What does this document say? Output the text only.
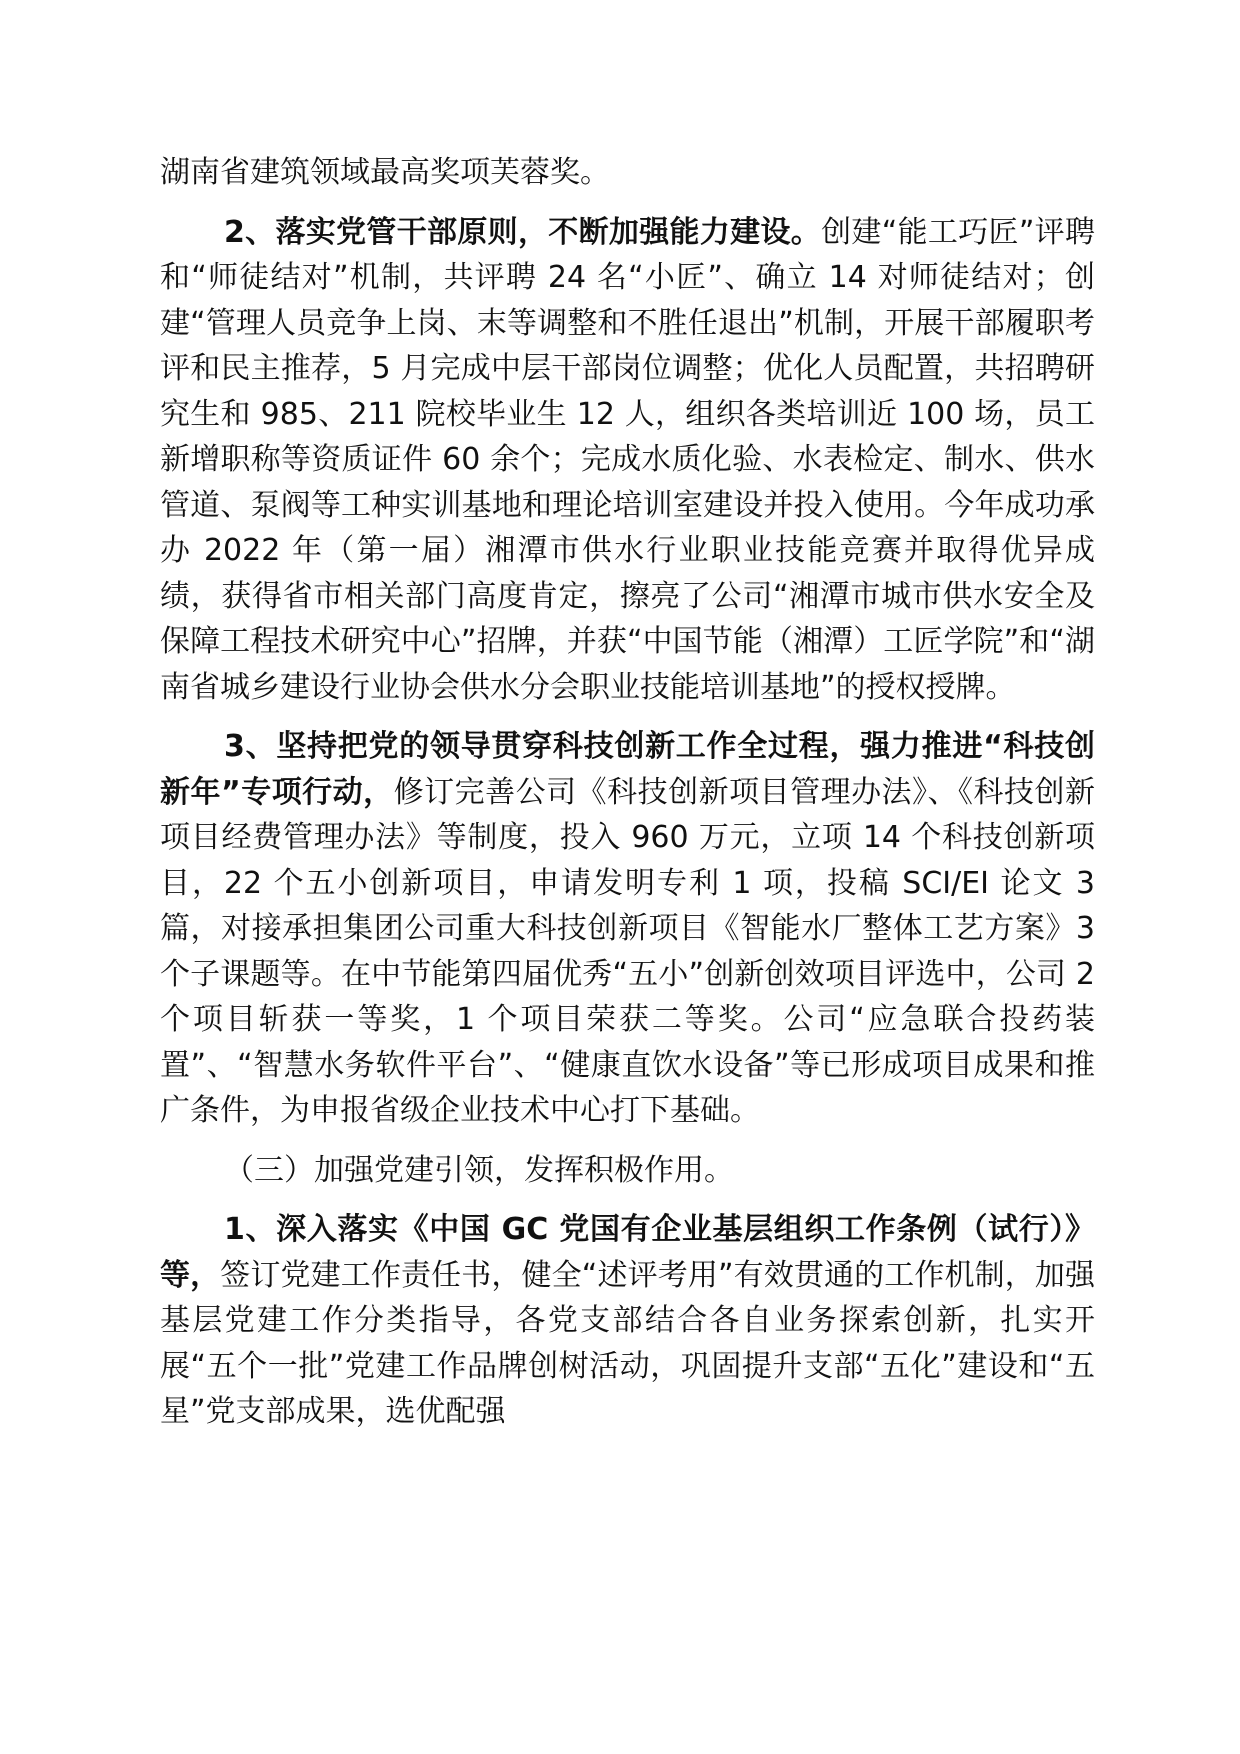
湖南省建筑领域最高奖项芙蓉奖。

2、落实党管干部原则，不断加强能力建设。创建“能工巧匠”评聘和“师徒结对”机制，共评聘 24 名“小匠”、确立 14 对师徒结对；创建“管理人员竞争上岗、末等调整和不胜任退出”机制，开展干部履职考评和民主推荐，5 月完成中层干部岗位调整；优化人员配置，共招聘研究生和 985、211 院校毕业生 12 人，组织各类培训近 100 场，员工新增职称等资质证件 60 余个；完成水质化验、水表检定、制水、供水管道、泵阀等工种实训基地和理论培训室建设并投入使用。今年成功承办 2022 年（第一届）湘潭市供水行业职业技能竞赛并取得优异成绩，获得省市相关部门高度肯定，擦亮了公司“湘潭市城市供水安全及保障工程技术研究中心”招牌，并获“中国节能（湘潭）工匠学院”和“湖南省城乡建设行业协会供水分会职业技能培训基地”的授权授牌。

3、坚持把党的领导贯穿科技创新工作全过程，强力推进“科技创新年”专项行动，修订完善公司《科技创新项目管理办法》、《科技创新项目经费管理办法》等制度，投入 960 万元，立项 14 个科技创新项目，22 个五小创新项目，申请发明专利 1 项，投稿 SCI/EI 论文 3 篇，对接承担集团公司重大科技创新项目《智能水厂整体工艺方案》3 个子课题等。在中节能第四届优秀“五小”创新创效项目评选中，公司 2 个项目斩获一等奖，1 个项目荣获二等奖。公司“应急联合投药装置”、“智慧水务软件平台”、“健康直饮水设备”等已形成项目成果和推广条件，为申报省级企业技术中心打下基础。

（三）加强党建引领，发挥积极作用。

1、深入落实《中国 GC 党国有企业基层组织工作条例（试行）》等，签订党建工作责任书，健全“述评考用”有效贯通的工作机制，加强基层党建工作分类指导，各党支部结合各自业务探索创新，扎实开展“五个一批”党建工作品牌创树活动，巩固提升支部“五化”建设和“五星”党支部成果，选优配强
